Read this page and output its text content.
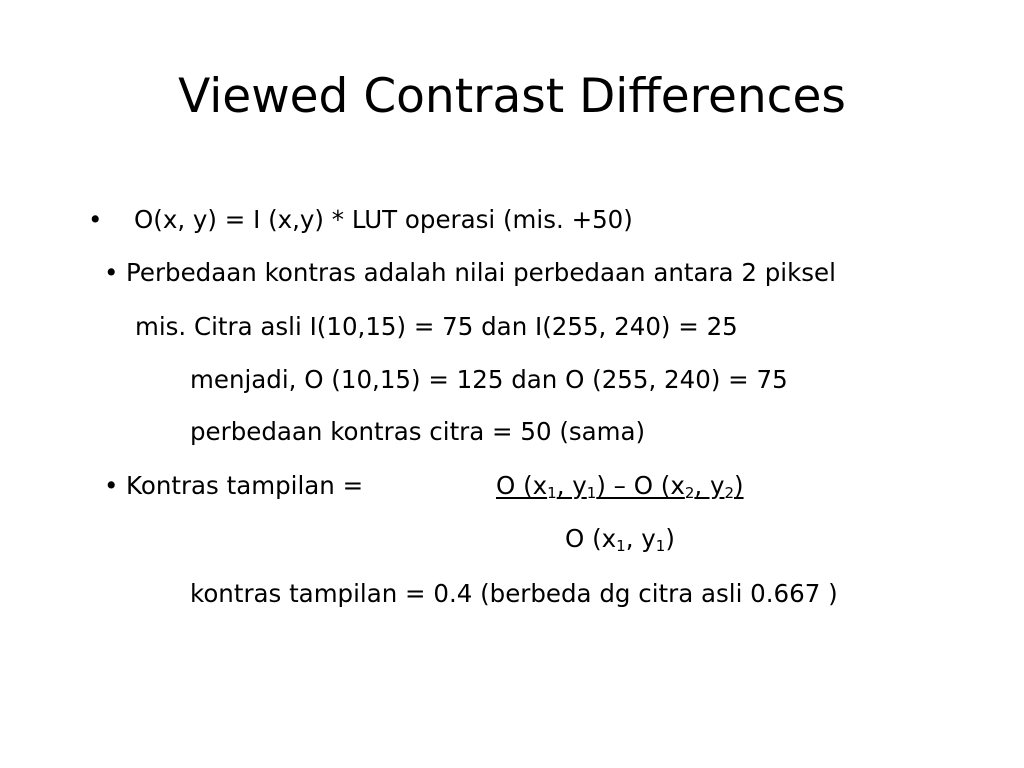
Viewed Contrast Differences
• O(x, y) = I (x,y) * LUT operasi (mis. +50)
• Perbedaan kontras adalah nilai perbedaan antara 2 piksel
mis. Citra asli I(10,15) = 75 dan I(255, 240) = 25
menjadi, O (10,15) = 125 dan O (255, 240) = 75
perbedaan kontras citra = 50 (sama)
• Kontras tampilan =	O ($x_1$, $y_1$) – O ($x_2$, $y_2$)
O ($x_1$, $y_1$)
kontras tampilan = 0.4 (berbeda dg citra asli 0.667 )
